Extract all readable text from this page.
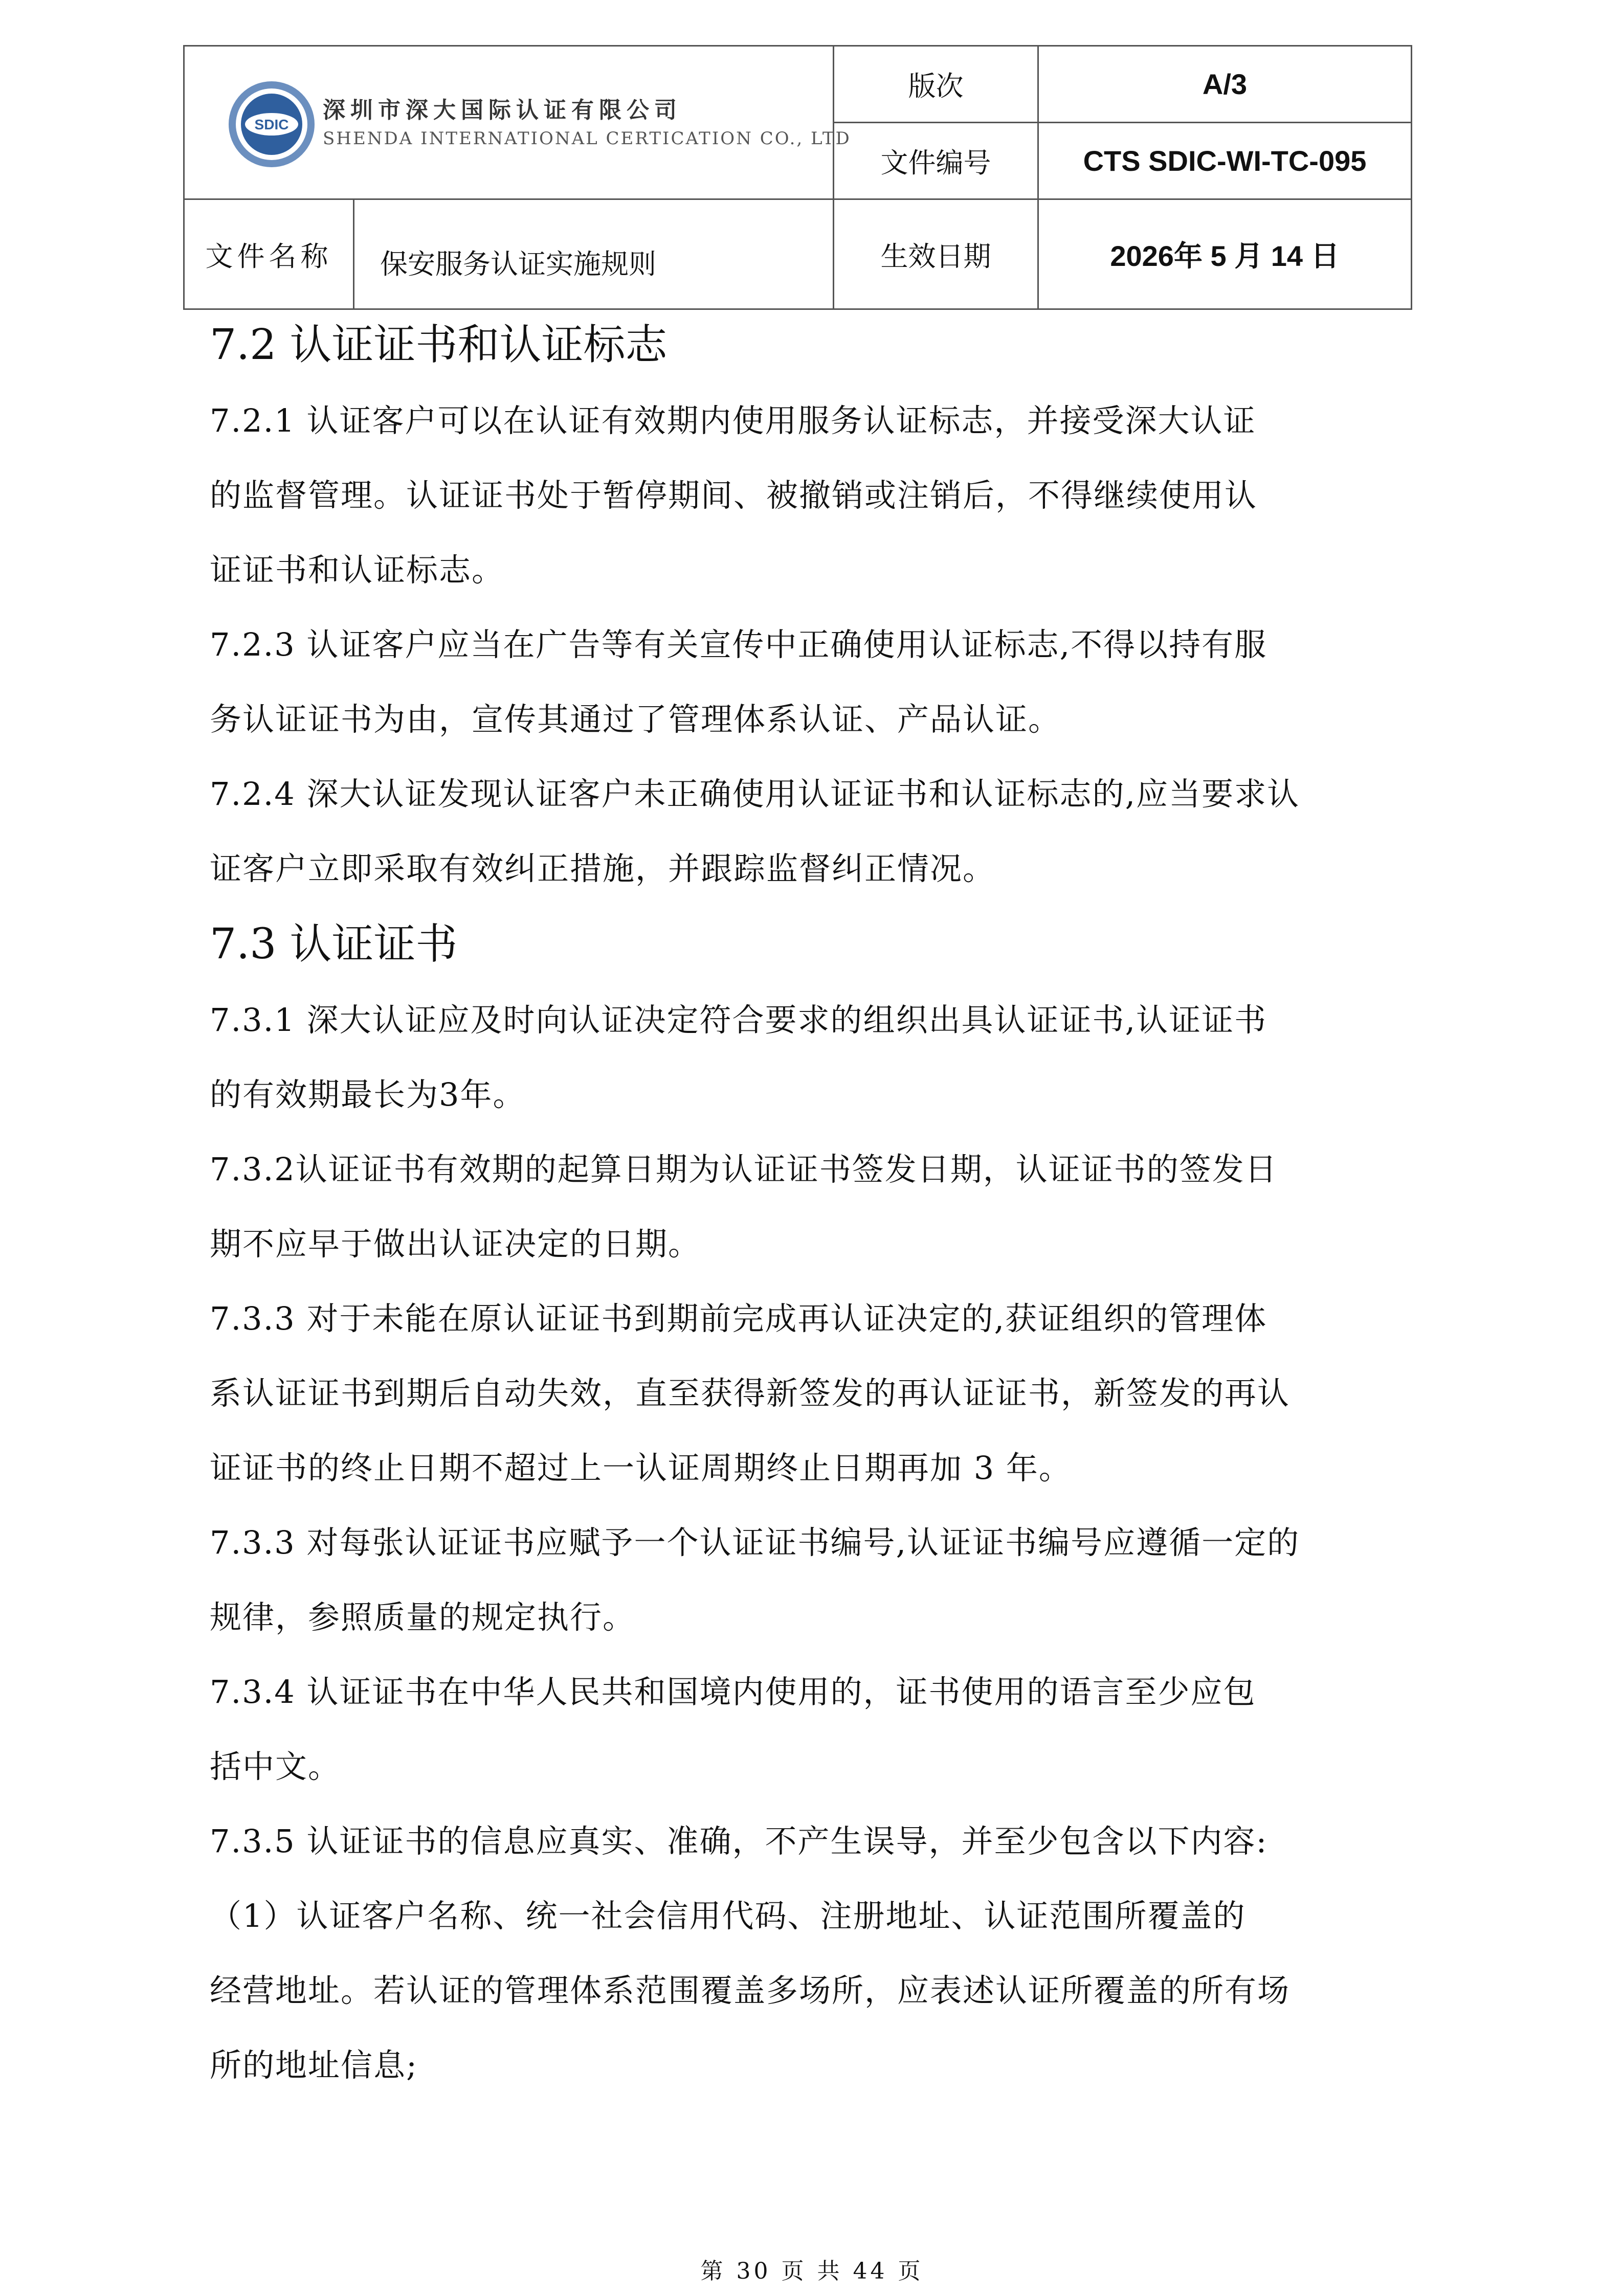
SDIC
深圳市深大国际认证有限公司
SHENDA INTERNATIONAL CERTICATION CO., LTD		版次	A/3
		文件编号	CTS SDIC-WI-TC-095
文件名称	保安服务认证实施规则	生效日期	2026年 5 月 14 日
7.2 认证证书和认证标志

7.2.1 认证客户可以在认证有效期内使用服务认证标志，并接受深大认证

的监督管理。认证证书处于暂停期间、被撤销或注销后，不得继续使用认

证证书和认证标志。

7.2.3 认证客户应当在广告等有关宣传中正确使用认证标志,不得以持有服

务认证证书为由，宣传其通过了管理体系认证、产品认证。

7.2.4 深大认证发现认证客户未正确使用认证证书和认证标志的,应当要求认

证客户立即采取有效纠正措施，并跟踪监督纠正情况。

7.3 认证证书

7.3.1 深大认证应及时向认证决定符合要求的组织出具认证证书,认证证书

的有效期最长为3年。

7.3.2认证证书有效期的起算日期为认证证书签发日期，认证证书的签发日

期不应早于做出认证决定的日期。

7.3.3 对于未能在原认证证书到期前完成再认证决定的,获证组织的管理体

系认证证书到期后自动失效，直至获得新签发的再认证证书，新签发的再认

证证书的终止日期不超过上一认证周期终止日期再加 3 年。

7.3.3 对每张认证证书应赋予一个认证证书编号,认证证书编号应遵循一定的

规律，参照质量的规定执行。

7.3.4 认证证书在中华人民共和国境内使用的，证书使用的语言至少应包

括中文。

7.3.5 认证证书的信息应真实、准确，不产生误导，并至少包含以下内容:

（1）认证客户名称、统一社会信用代码、注册地址、认证范围所覆盖的

经营地址。若认证的管理体系范围覆盖多场所，应表述认证所覆盖的所有场

所的地址信息;

第 30 页 共 44 页
